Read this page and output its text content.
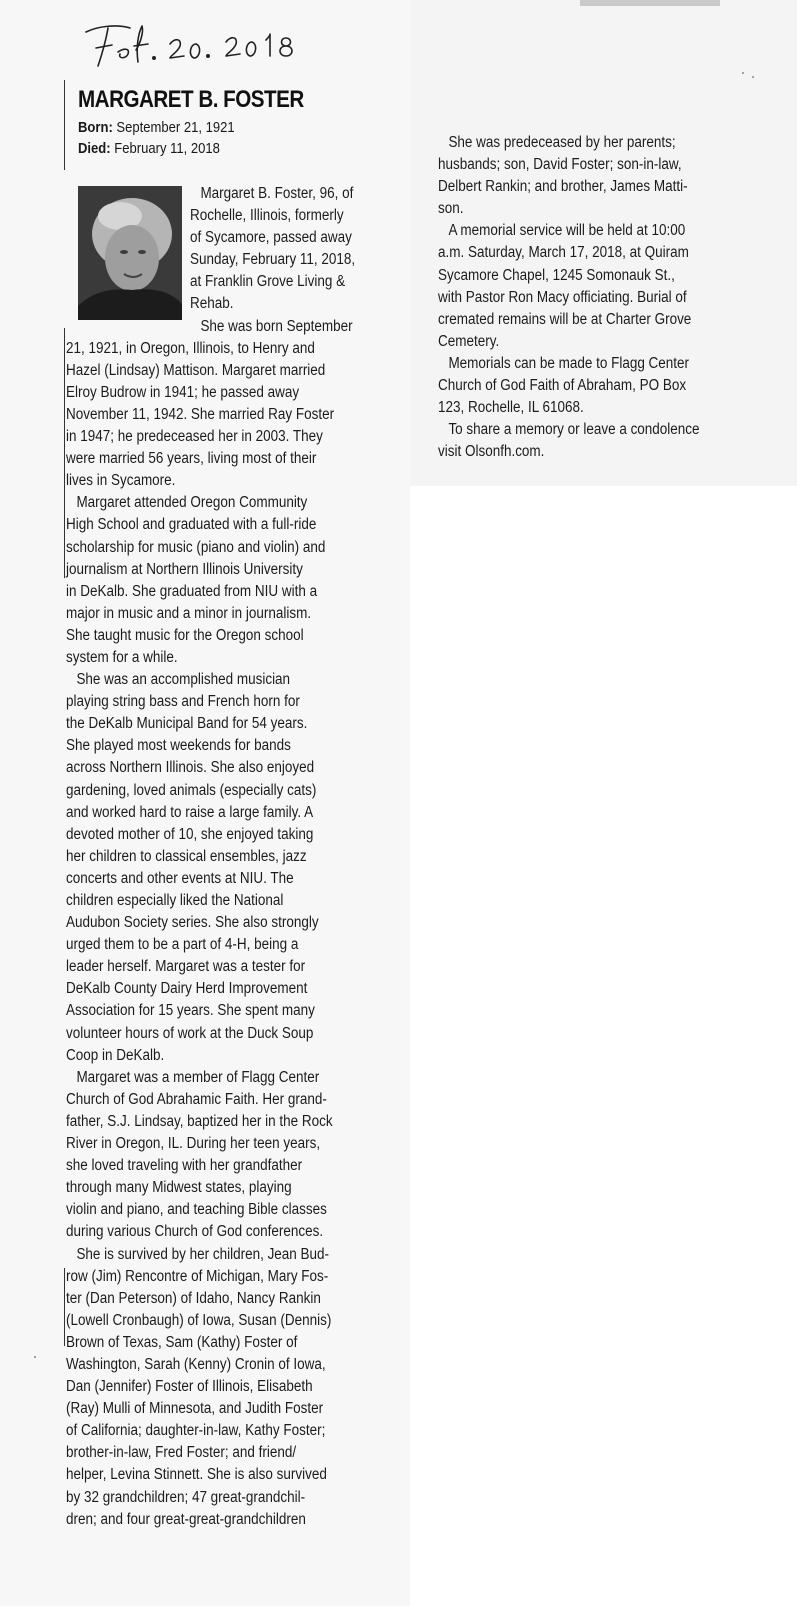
MARGARET B. FOSTER
Born: September 21, 1921
Died: February 11, 2018
Margaret B. Foster, 96, of
Rochelle, Illinois, formerly
of Sycamore, passed away
Sunday, February 11, 2018,
at Franklin Grove Living &
Rehab.
She was born September
21, 1921, in Oregon, Illinois, to Henry and
Hazel (Lindsay) Mattison. Margaret married
Elroy Budrow in 1941; he passed away
November 11, 1942. She married Ray Foster
in 1947; he predeceased her in 2003. They
were married 56 years, living most of their
lives in Sycamore.
Margaret attended Oregon Community
High School and graduated with a full-ride
scholarship for music (piano and violin) and
journalism at Northern Illinois University
in DeKalb. She graduated from NIU with a
major in music and a minor in journalism.
She taught music for the Oregon school
system for a while.
She was an accomplished musician
playing string bass and French horn for
the DeKalb Municipal Band for 54 years.
She played most weekends for bands
across Northern Illinois. She also enjoyed
gardening, loved animals (especially cats)
and worked hard to raise a large family. A
devoted mother of 10, she enjoyed taking
her children to classical ensembles, jazz
concerts and other events at NIU. The
children especially liked the National
Audubon Society series. She also strongly
urged them to be a part of 4-H, being a
leader herself. Margaret was a tester for
DeKalb County Dairy Herd Improvement
Association for 15 years. She spent many
volunteer hours of work at the Duck Soup
Coop in DeKalb.
Margaret was a member of Flagg Center
Church of God Abrahamic Faith. Her grand-
father, S.J. Lindsay, baptized her in the Rock
River in Oregon, IL. During her teen years,
she loved traveling with her grandfather
through many Midwest states, playing
violin and piano, and teaching Bible classes
during various Church of God conferences.
She is survived by her children, Jean Bud-
row (Jim) Rencontre of Michigan, Mary Fos-
ter (Dan Peterson) of Idaho, Nancy Rankin
(Lowell Cronbaugh) of Iowa, Susan (Dennis)
Brown of Texas, Sam (Kathy) Foster of
Washington, Sarah (Kenny) Cronin of Iowa,
Dan (Jennifer) Foster of Illinois, Elisabeth
(Ray) Mulli of Minnesota, and Judith Foster
of California; daughter-in-law, Kathy Foster;
brother-in-law, Fred Foster; and friend/
helper, Levina Stinnett. She is also survived
by 32 grandchildren; 47 great-grandchil-
dren; and four great-great-grandchildren
She was predeceased by her parents;
husbands; son, David Foster; son-in-law,
Delbert Rankin; and brother, James Matti-
son.
A memorial service will be held at 10:00
a.m. Saturday, March 17, 2018, at Quiram
Sycamore Chapel, 1245 Somonauk St.,
with Pastor Ron Macy officiating. Burial of
cremated remains will be at Charter Grove
Cemetery.
Memorials can be made to Flagg Center
Church of God Faith of Abraham, PO Box
123, Rochelle, IL 61068.
To share a memory or leave a condolence
visit Olsonfh.com.
